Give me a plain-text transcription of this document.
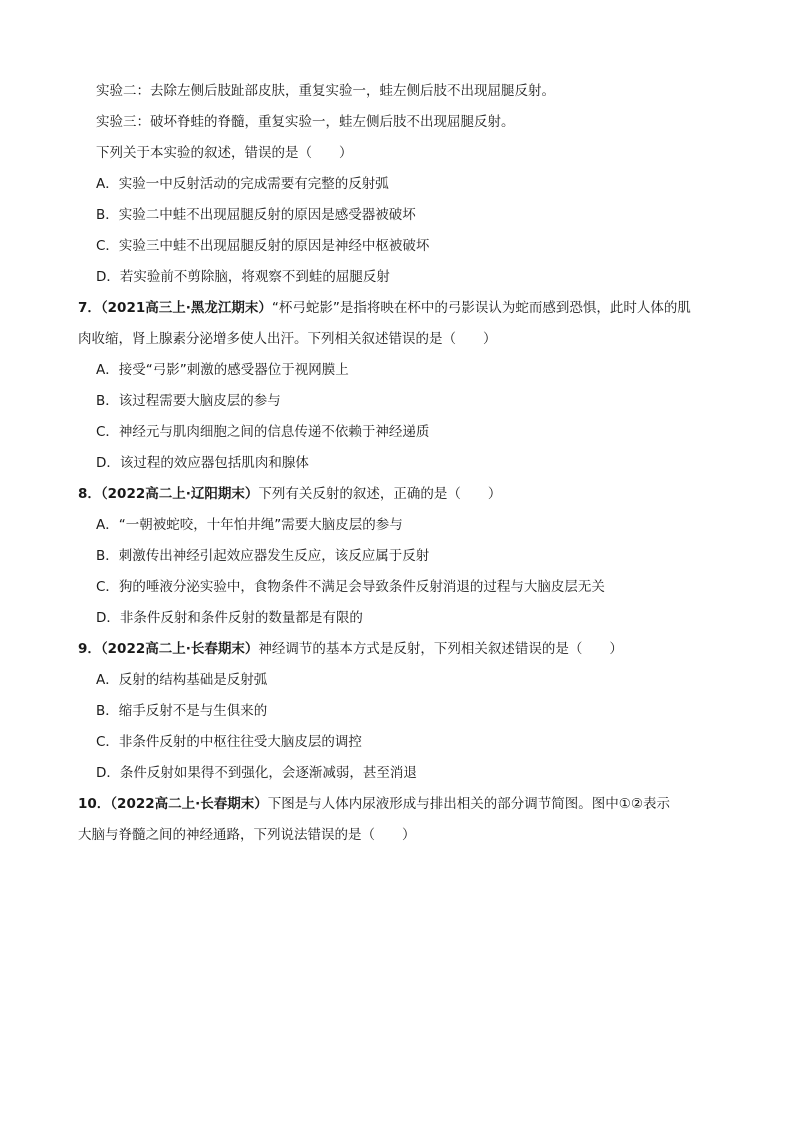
实验二：去除左侧后肢趾部皮肤，重复实验一，蛙左侧后肢不出现屈腿反射。
实验三：破坏脊蛙的脊髓，重复实验一，蛙左侧后肢不出现屈腿反射。
下列关于本实验的叙述，错误的是（　　）
A．实验一中反射活动的完成需要有完整的反射弧
B．实验二中蛙不出现屈腿反射的原因是感受器被破坏
C．实验三中蛙不出现屈腿反射的原因是神经中枢被破坏
D．若实验前不剪除脑，将观察不到蛙的屈腿反射
7．（2021高三上·黑龙江期末）“杯弓蛇影”是指将映在杯中的弓影误认为蛇而感到恐惧，此时人体的肌
肉收缩，肾上腺素分泌增多使人出汗。下列相关叙述错误的是（　　）
A．接受“弓影”刺激的感受器位于视网膜上
B．该过程需要大脑皮层的参与
C．神经元与肌肉细胞之间的信息传递不依赖于神经递质
D．该过程的效应器包括肌肉和腺体
8．（2022高二上·辽阳期末）下列有关反射的叙述，正确的是（　　）
A．“一朝被蛇咬，十年怕井绳”需要大脑皮层的参与
B．刺激传出神经引起效应器发生反应，该反应属于反射
C．狗的唾液分泌实验中，食物条件不满足会导致条件反射消退的过程与大脑皮层无关
D．非条件反射和条件反射的数量都是有限的
9．（2022高二上·长春期末）神经调节的基本方式是反射，下列相关叙述错误的是（　　）
A．反射的结构基础是反射弧
B．缩手反射不是与生俱来的
C．非条件反射的中枢往往受大脑皮层的调控
D．条件反射如果得不到强化，会逐渐减弱，甚至消退
10．（2022高二上·长春期末）下图是与人体内尿液形成与排出相关的部分调节简图。图中①②表示
大脑与脊髓之间的神经通路，下列说法错误的是（　　）
